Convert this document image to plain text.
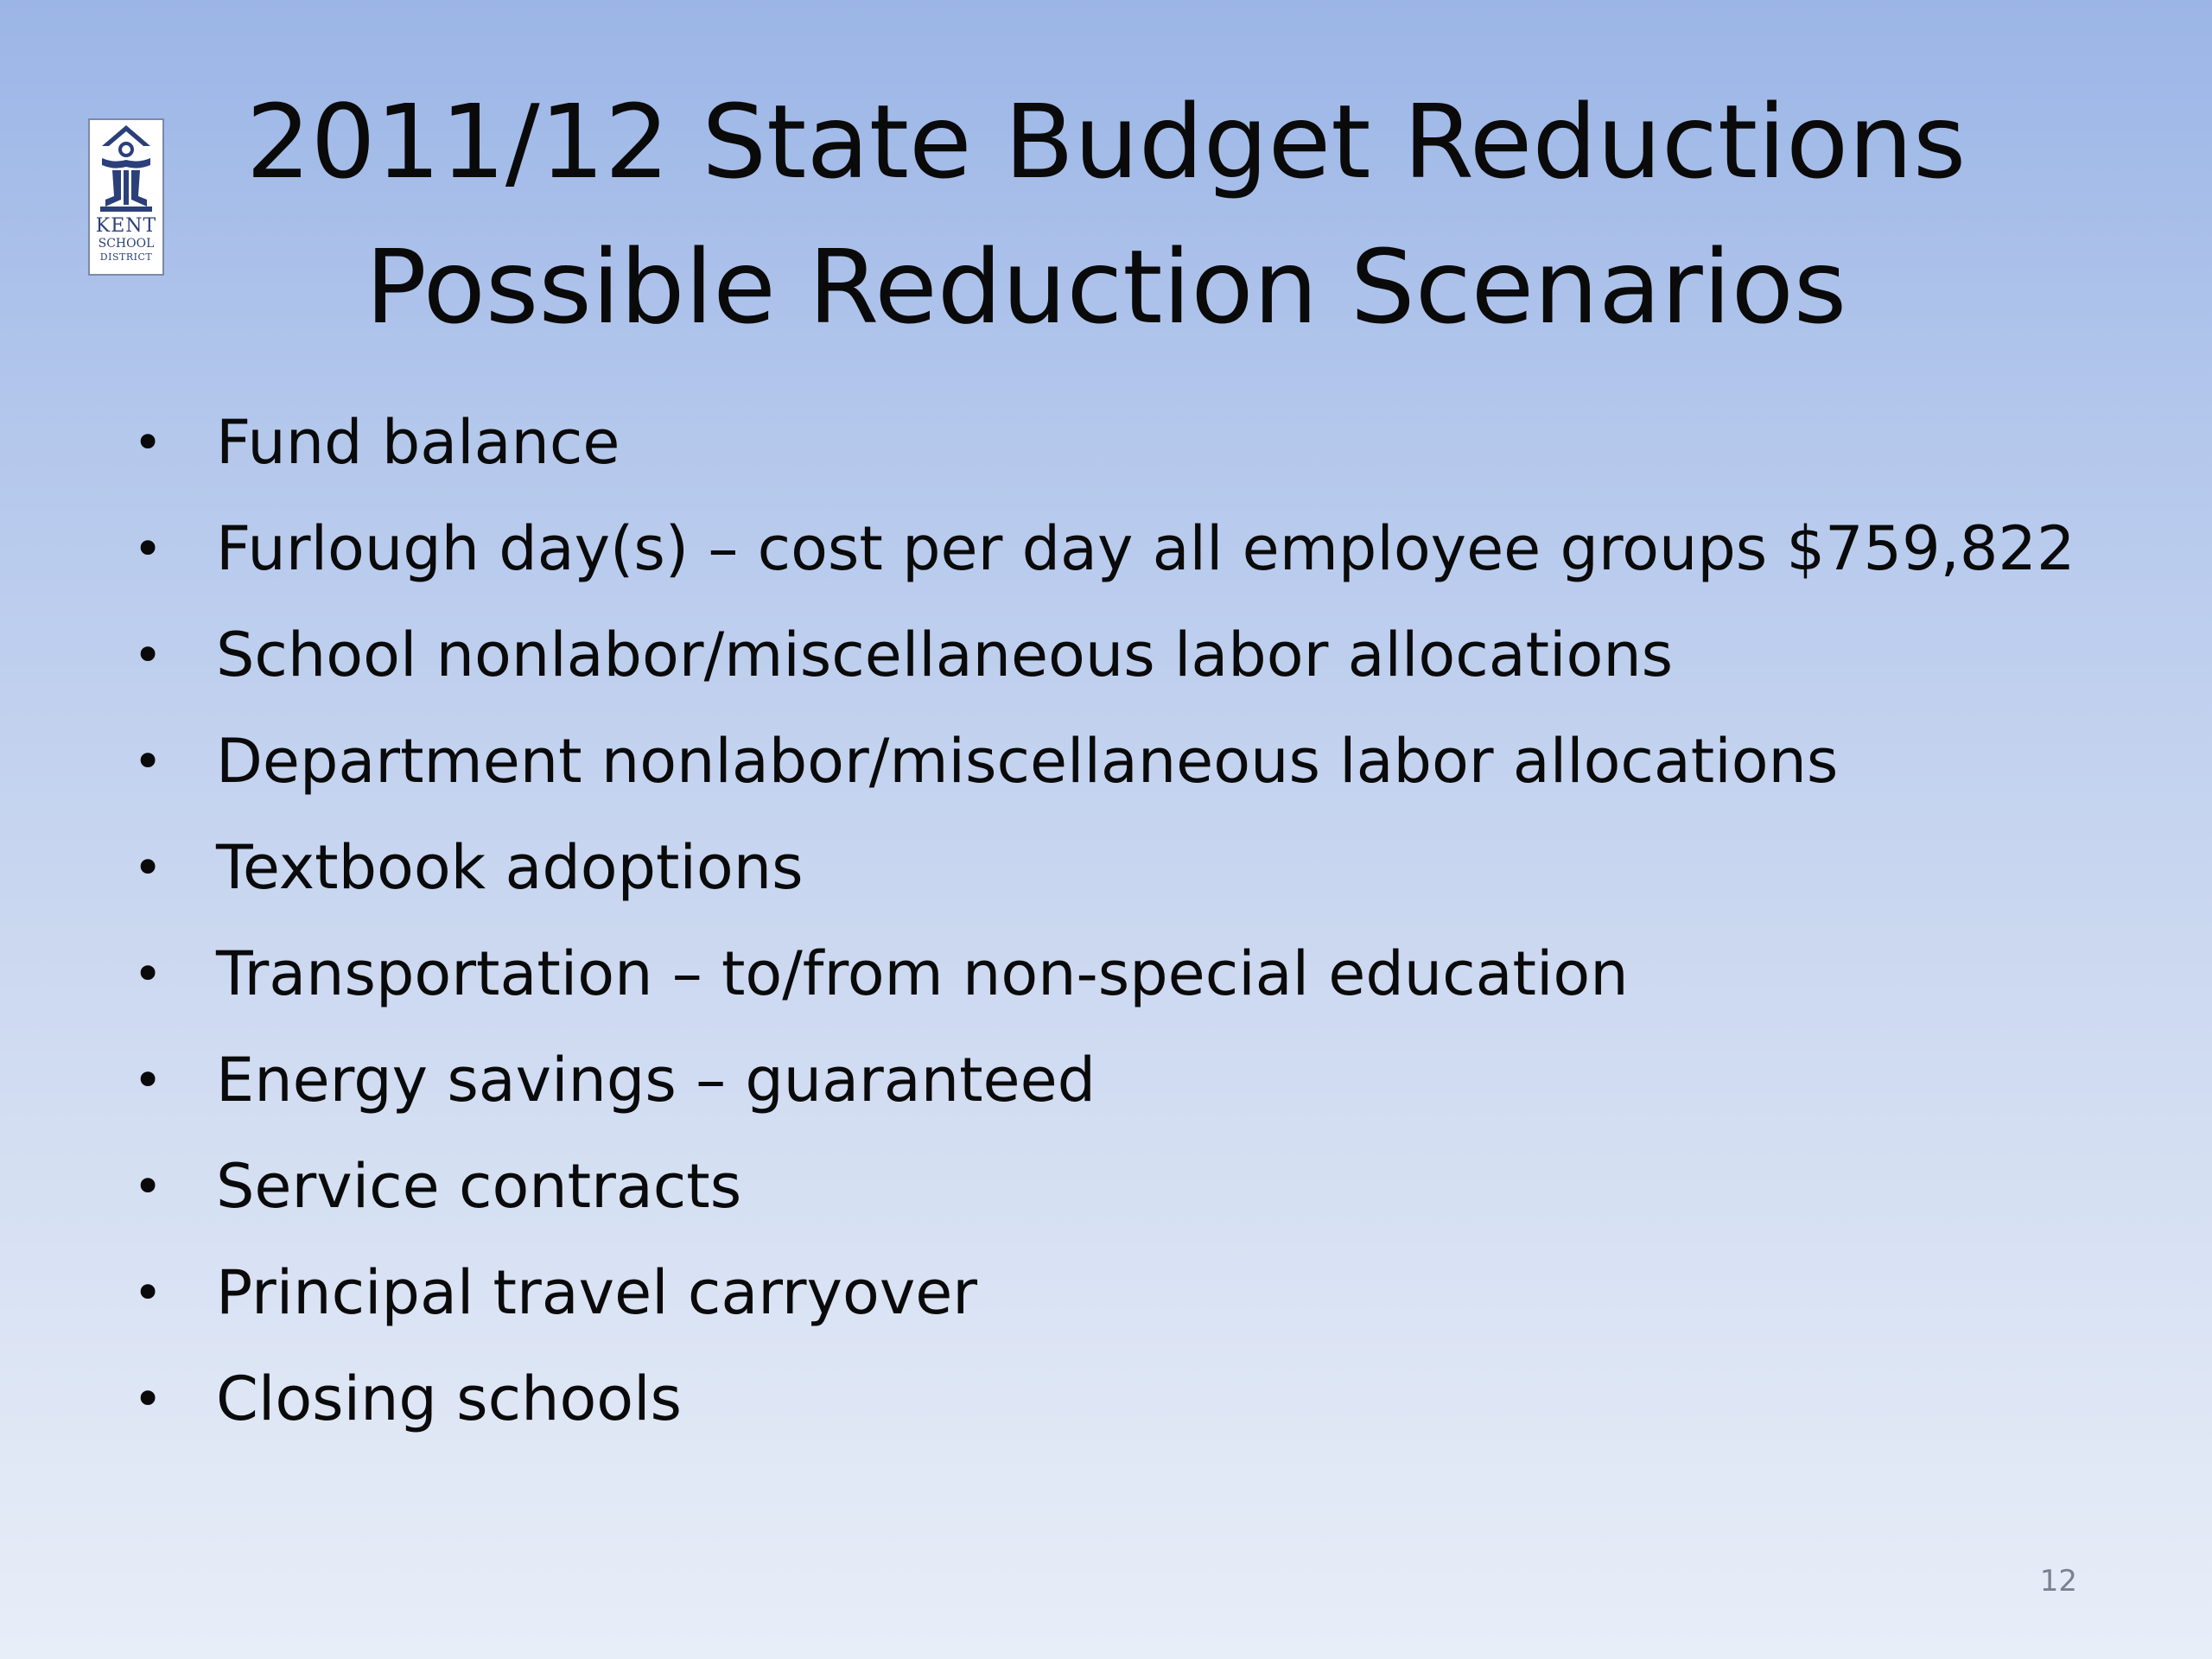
KENT
SCHOOL
DISTRICT
2011/12 State Budget Reductions
Possible Reduction Scenarios
• Fund balance
• Furlough day(s) – cost per day all employee groups $759,822
• School nonlabor/miscellaneous labor allocations
• Department nonlabor/miscellaneous labor allocations
• Textbook adoptions
• Transportation – to/from non-special education
• Energy savings – guaranteed
• Service contracts
• Principal travel carryover
• Closing schools
12
